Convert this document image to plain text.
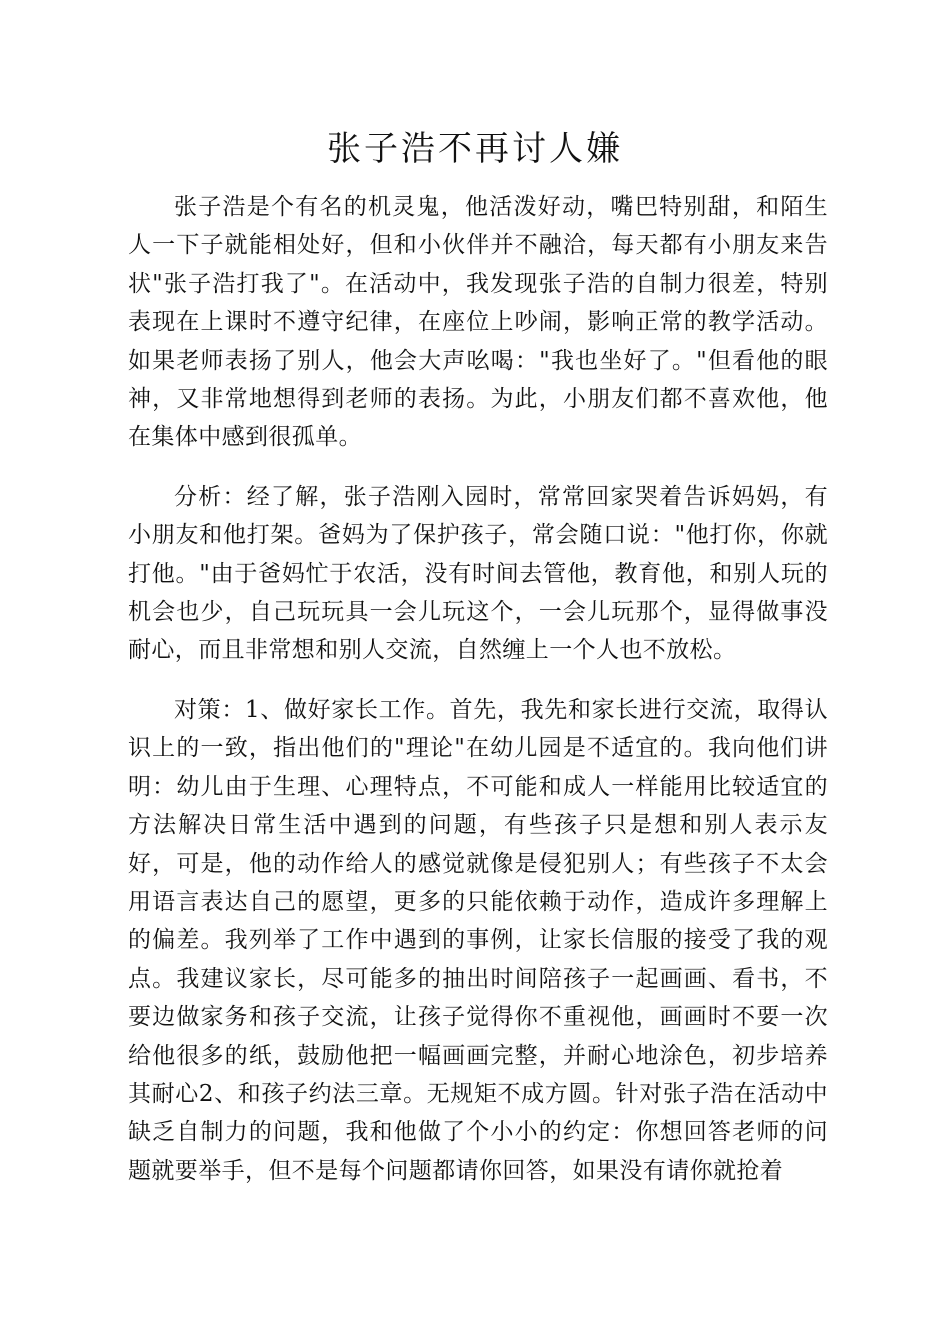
张子浩不再讨人嫌

张子浩是个有名的机灵鬼，他活泼好动，嘴巴特别甜，和陌生人一下子就能相处好，但和小伙伴并不融洽，每天都有小朋友来告状"张子浩打我了"。在活动中，我发现张子浩的自制力很差，特别表现在上课时不遵守纪律，在座位上吵闹，影响正常的教学活动。如果老师表扬了别人，他会大声吆喝："我也坐好了。"但看他的眼神，又非常地想得到老师的表扬。为此，小朋友们都不喜欢他，他在集体中感到很孤单。

分析：经了解，张子浩刚入园时，常常回家哭着告诉妈妈，有小朋友和他打架。爸妈为了保护孩子，常会随口说："他打你，你就打他。"由于爸妈忙于农活，没有时间去管他，教育他，和别人玩的机会也少，自己玩玩具一会儿玩这个，一会儿玩那个，显得做事没耐心，而且非常想和别人交流，自然缠上一个人也不放松。

对策：1、做好家长工作。首先，我先和家长进行交流，取得认识上的一致，指出他们的"理论"在幼儿园是不适宜的。我向他们讲明：幼儿由于生理、心理特点，不可能和成人一样能用比较适宜的方法解决日常生活中遇到的问题，有些孩子只是想和别人表示友好，可是，他的动作给人的感觉就像是侵犯别人；有些孩子不太会用语言表达自己的愿望，更多的只能依赖于动作，造成许多理解上的偏差。我列举了工作中遇到的事例，让家长信服的接受了我的观点。我建议家长，尽可能多的抽出时间陪孩子一起画画、看书，不要边做家务和孩子交流，让孩子觉得你不重视他，画画时不要一次给他很多的纸，鼓励他把一幅画画完整，并耐心地涂色，初步培养其耐心2、和孩子约法三章。无规矩不成方圆。针对张子浩在活动中缺乏自制力的问题，我和他做了个小小的约定：你想回答老师的问题就要举手，但不是每个问题都请你回答，如果没有请你就抢着
